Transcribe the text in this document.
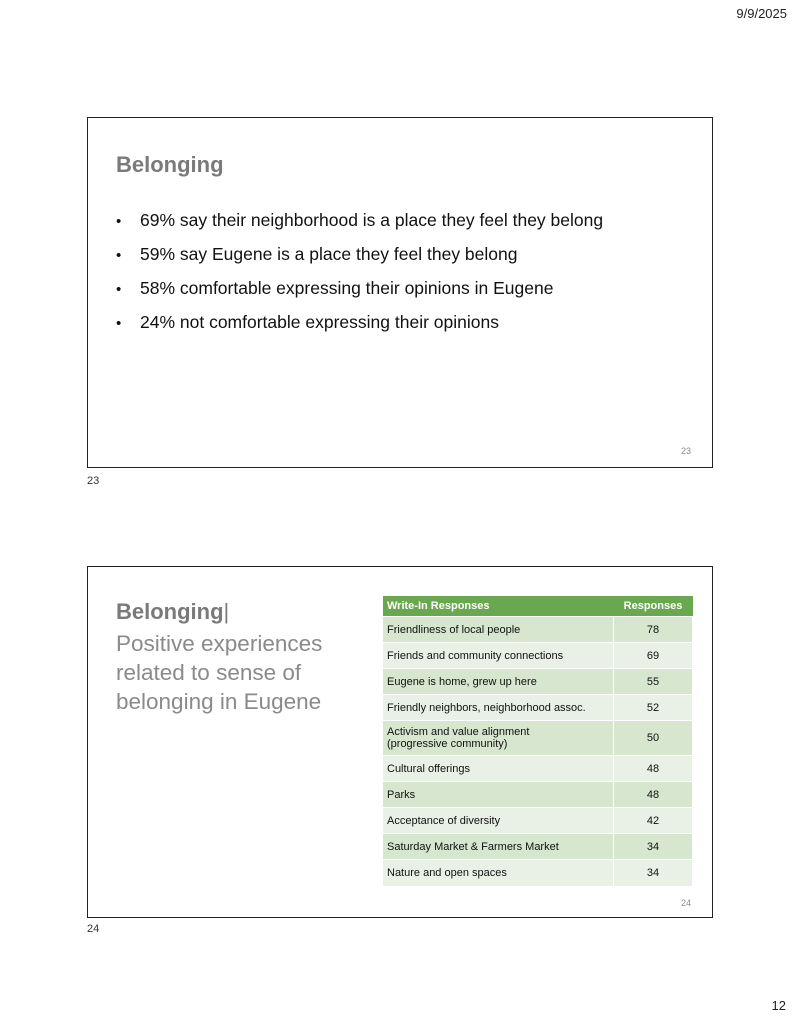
9/9/2025
Belonging
• 69% say their neighborhood is a place they feel they belong
• 59% say Eugene is a place they feel they belong
• 58% comfortable expressing their opinions in Eugene
• 24% not comfortable expressing their opinions
23
23
Belonging|
Positive experiences
related to sense of
belonging in Eugene
Write-In Responses	Responses
Friendliness of local people	78
Friends and community connections	69
Eugene is home, grew up here	55
Friendly neighbors, neighborhood assoc.	52

Activism and value alignment
(progressive community)	50
Cultural offerings	48
Parks	48
Acceptance of diversity	42
Saturday Market & Farmers Market	34
Nature and open spaces	34
24
24
12
